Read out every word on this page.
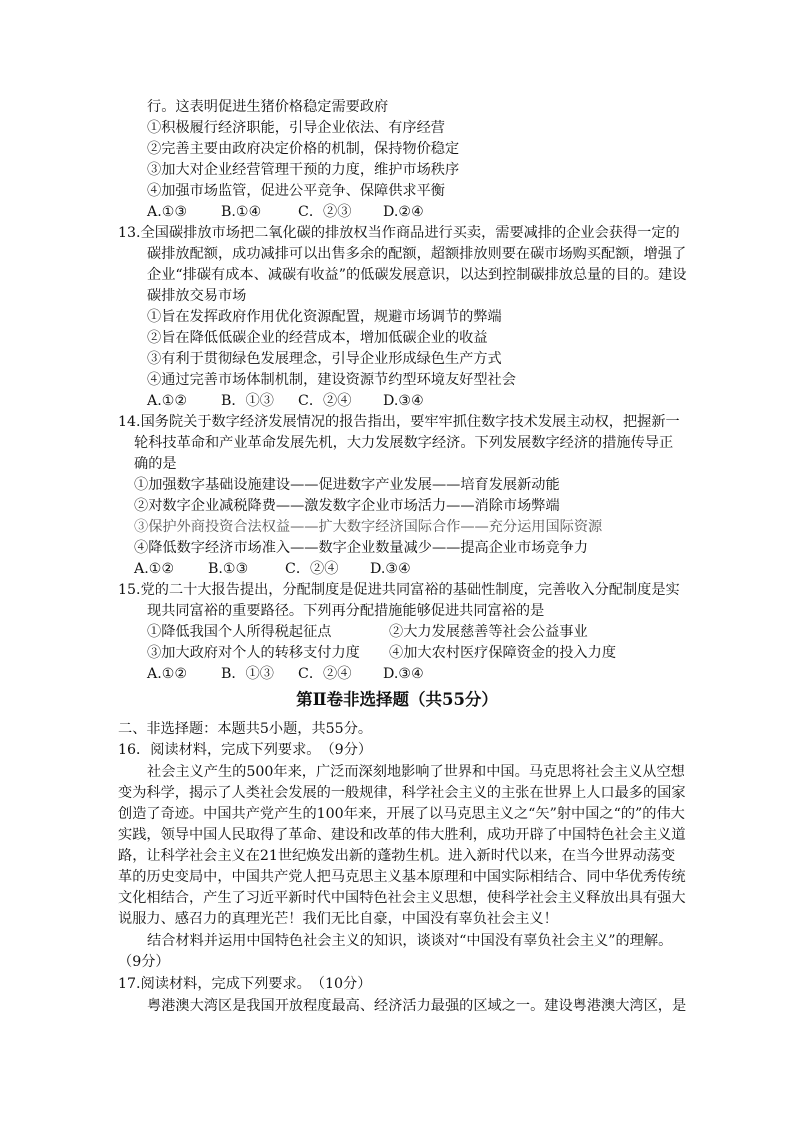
行。这表明促进生猪价格稳定需要政府
①积极履行经济职能，引导企业依法、有序经营
②完善主要由政府决定价格的机制，保持物价稳定
③加大对企业经营管理干预的力度，维护市场秩序
④加强市场监管，促进公平竞争、保障供求平衡
A.①③ B.①④	C．②③ D.②④
13.全国碳排放市场把二氧化碳的排放权当作商品进行买卖，需要减排的企业会获得一定的
碳排放配额，成功减排可以出售多余的配额，超额排放则要在碳市场购买配额，增强了
企业“排碳有成本、减碳有收益”的低碳发展意识，以达到控制碳排放总量的目的。建设
碳排放交易市场
①旨在发挥政府作用优化资源配置，规避市场调节的弊端
②旨在降低低碳企业的经营成本，增加低碳企业的收益
③有利于贯彻绿色发展理念，引导企业形成绿色生产方式
④通过完善市场体制机制，建设资源节约型环境友好型社会
A.①② B．①③ C．②④ D.③④
14.国务院关于数字经济发展情况的报告指出，要牢牢抓住数字技术发展主动权，把握新一
轮科技革命和产业革命发展先机，大力发展数字经济。下列发展数字经济的措施传导正
确的是
①加强数字基础设施建设——促进数字产业发展——培育发展新动能
②对数字企业减税降费——激发数字企业市场活力——消除市场弊端
③保护外商投资合法权益——扩大数字经济国际合作——充分运用国际资源
④降低数字经济市场准入——数字企业数量减少——提高企业市场竞争力
A.①② B.①③	C．②④ D.③④
15.党的二十大报告提出，分配制度是促进共同富裕的基础性制度，完善收入分配制度是实
现共同富裕的重要路径。下列再分配措施能够促进共同富裕的是
①降低我国个人所得税起征点	②大力发展慈善等社会公益事业
③加大政府对个人的转移支付力度 ④加大农村医疗保障资金的投入力度
A.①② B．①③ C．②④ D.③④
第Ⅱ卷非选择题（共55分）
二、非选择题：本题共5小题，共55分。
16．阅读材料，完成下列要求。　（9分）
社会主义产生的500年来，广泛而深刻地影响了世界和中国。马克思将社会主义从空想
变为科学，揭示了人类社会发展的一般规律，科学社会主义的主张在世界上人口最多的国家
创造了奇迹。中国共产党产生的100年来，开展了以马克思主义之“矢”射中国之“的”的伟大
实践，领导中国人民取得了革命、建设和改革的伟大胜利，成功开辟了中国特色社会主义道
路，让科学社会主义在21世纪焕发出新的蓬勃生机。进入新时代以来，在当今世界动荡变
革的历史变局中，中国共产党人把马克思主义基本原理和中国实际相结合、同中华优秀传统
文化相结合，产生了习近平新时代中国特色社会主义思想，使科学社会主义释放出具有强大
说服力、感召力的真理光芒！我们无比自豪，中国没有辜负社会主义！
结合材料并运用中国特色社会主义的知识，谈谈对“中国没有辜负社会主义”的理解。
（9分）
17.阅读材料，完成下列要求。　（10分）
粤港澳大湾区是我国开放程度最高、经济活力最强的区域之一。建设粤港澳大湾区，是
